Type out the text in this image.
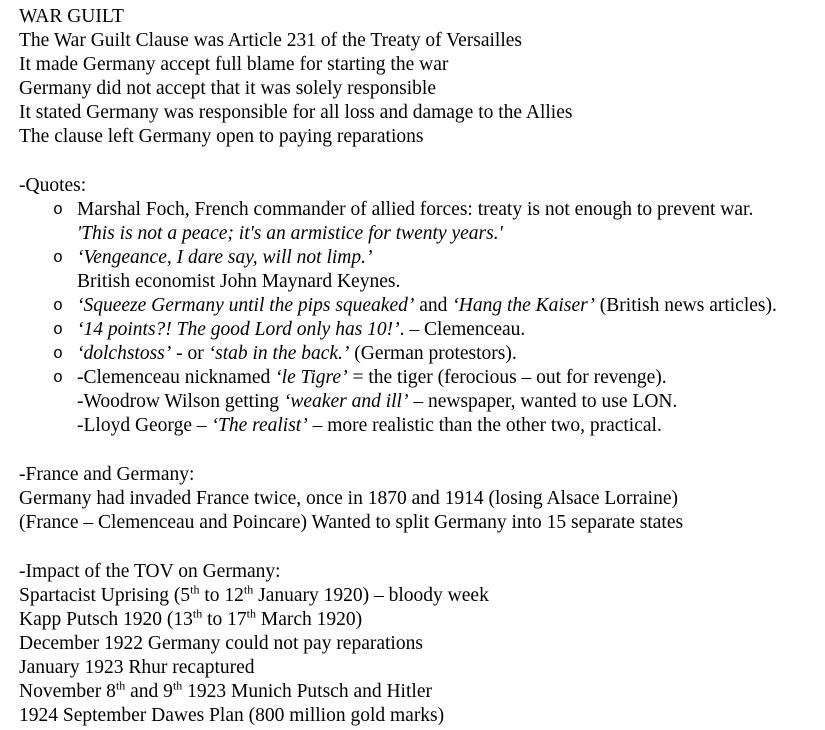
WAR GUILT
The War Guilt Clause was Article 231 of the Treaty of Versailles
It made Germany accept full blame for starting the war
Germany did not accept that it was solely responsible
It stated Germany was responsible for all loss and damage to the Allies
The clause left Germany open to paying reparations
-Quotes:
o Marshal Foch, French commander of allied forces: treaty is not enough to prevent war.
'This is not a peace; it's an armistice for twenty years.'
o ‘Vengeance, I dare say, will not limp.’
British economist John Maynard Keynes.
o ‘Squeeze Germany until the pips squeaked’ and ‘Hang the Kaiser’ (British news articles).
o ‘14 points?! The good Lord only has 10!’. – Clemenceau.
o ‘dolchstoss’ - or ‘stab in the back.’ (German protestors).
o -Clemenceau nicknamed ‘le Tigre’ = the tiger (ferocious – out for revenge).
-Woodrow Wilson getting ‘weaker and ill’ – newspaper, wanted to use LON.
-Lloyd George – ‘The realist’ – more realistic than the other two, practical.
-France and Germany:
Germany had invaded France twice, once in 1870 and 1914 (losing Alsace Lorraine)
(France – Clemenceau and Poincare) Wanted to split Germany into 15 separate states
-Impact of the TOV on Germany:
Spartacist Uprising (5th to 12th January 1920) – bloody week
Kapp Putsch 1920 (13th to 17th March 1920)
December 1922 Germany could not pay reparations
January 1923 Rhur recaptured
November 8th and 9th 1923 Munich Putsch and Hitler
1924 September Dawes Plan (800 million gold marks)
